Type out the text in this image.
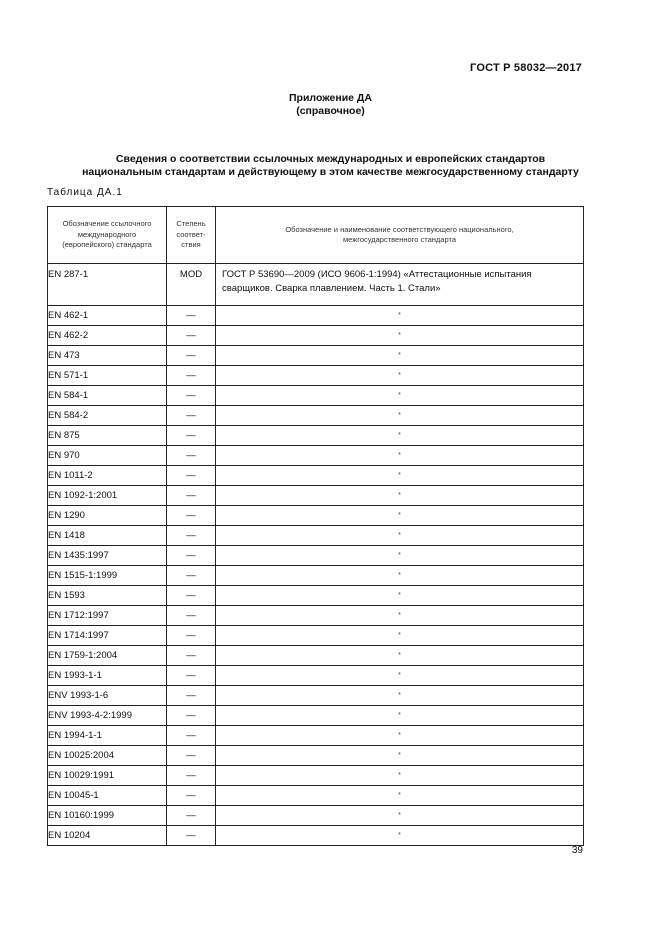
ГОСТ Р 58032—2017
Приложение ДА
(справочное)
Сведения о соответствии ссылочных международных и европейских стандартов
национальным стандартам и действующему в этом качестве межгосударственному стандарту
Таблица ДА.1
Обозначение ссылочного международного (европейского) стандарта	Степень соответ-ствия	Обозначение и наименование соответствующего национального, межгосударственного стандарта
EN 287-1	MOD	ГОСТ Р 53690—2009 (ИСО 9606-1:1994) «Аттестационные испытания сварщиков. Сварка плавлением. Часть 1. Стали»
EN 462-1	—	*
EN 462-2	—	*
EN 473	—	*
EN 571-1	—	*
EN 584-1	—	*
EN 584-2	—	*
EN 875	—	*
EN 970	—	*
EN 1011-2	—	*
EN 1092-1:2001	—	*
EN 1290	—	*
EN 1418	—	*
EN 1435:1997	—	*
EN 1515-1:1999	—	*
EN 1593	—	*
EN 1712:1997	—	*
EN 1714:1997	—	*
EN 1759-1:2004	—	*
EN 1993-1-1	—	*
ENV 1993-1-6	—	*
ENV 1993-4-2:1999	—	*
EN 1994-1-1	—	*
EN 10025:2004	—	*
EN 10029:1991	—	*
EN 10045-1	—	*
EN 10160:1999	—	*
EN 10204	—	*
39
